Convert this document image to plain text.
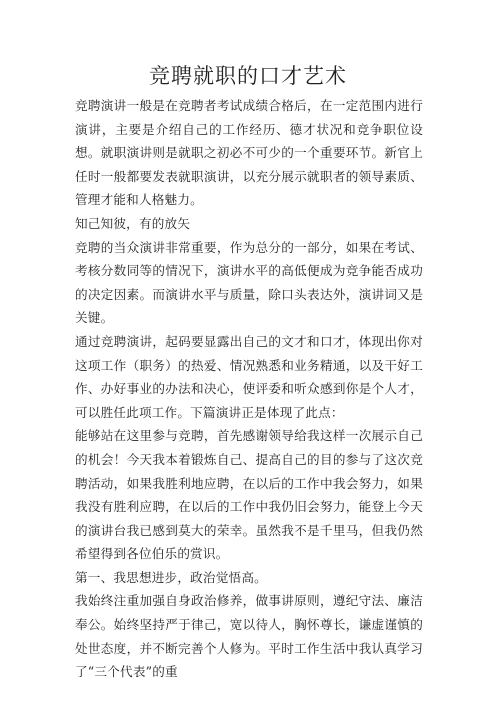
竞聘就职的口才艺术

竞聘演讲一般是在竞聘者考试成绩合格后，在一定范围内进行演讲，主要是介绍自己的工作经历、德才状况和竞争职位设想。就职演讲则是就职之初必不可少的一个重要环节。新官上任时一般都要发表就职演讲，以充分展示就职者的领导素质、管理才能和人格魅力。

知己知彼，有的放矢

竞聘的当众演讲非常重要，作为总分的一部分，如果在考试、考核分数同等的情况下，演讲水平的高低便成为竞争能否成功的决定因素。而演讲水平与质量，除口头表达外，演讲词又是关键。

通过竞聘演讲，起码要显露出自己的文才和口才，体现出你对这项工作（职务）的热爱、情况熟悉和业务精通，以及干好工作、办好事业的办法和决心，使评委和听众感到你是个人才，可以胜任此项工作。下篇演讲正是体现了此点：

能够站在这里参与竞聘，首先感谢领导给我这样一次展示自己的机会！今天我本着锻炼自己、提高自己的目的参与了这次竞聘活动，如果我胜利地应聘，在以后的工作中我会努力，如果我没有胜利应聘，在以后的工作中我仍旧会努力，能登上今天的演讲台我已感到莫大的荣幸。虽然我不是千里马，但我仍然希望得到各位伯乐的赏识。

第一、我思想进步，政治觉悟高。

我始终注重加强自身政治修养，做事讲原则，遵纪守法、廉洁奉公。始终坚持严于律己，宽以待人，胸怀尊长，谦虚谨慎的处世态度，并不断完善个人修为。平时工作生活中我认真学习了“三个代表”的重
